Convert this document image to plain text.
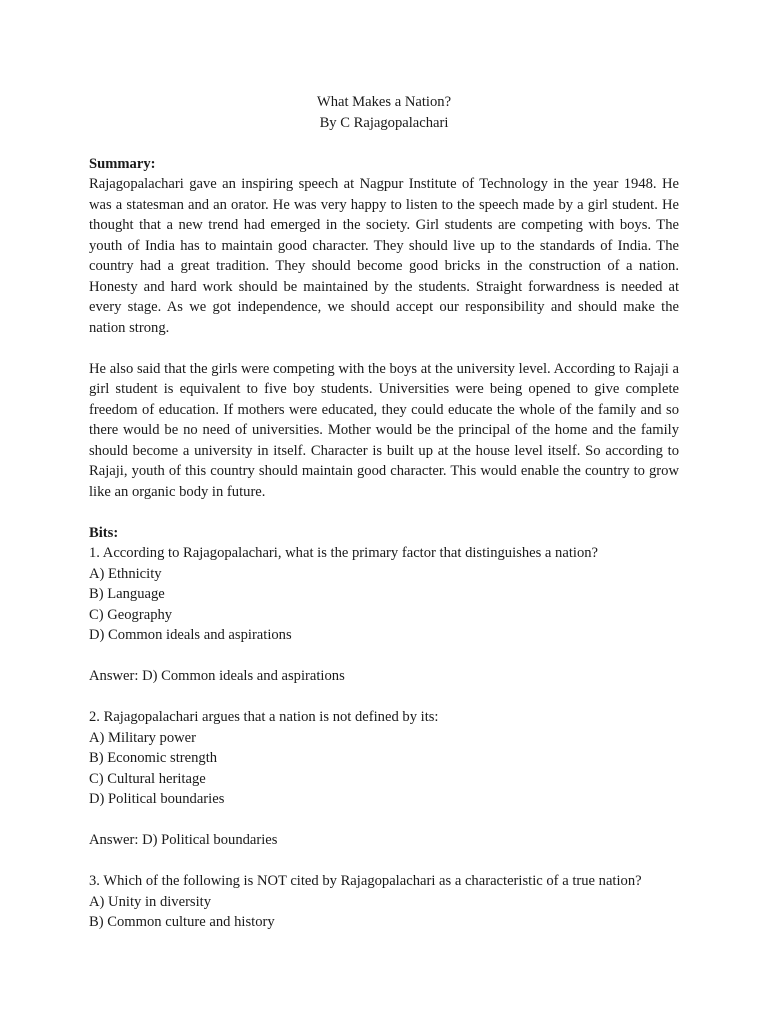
What Makes a Nation?
By C Rajagopalachari
Summary:

Rajagopalachari gave an inspiring speech at Nagpur Institute of Technology in the year 1948. He was a statesman and an orator. He was very happy to listen to the speech made by a girl student. He thought that a new trend had emerged in the society. Girl students are competing with boys. The youth of India has to maintain good character. They should live up to the standards of India. The country had a great tradition. They should become good bricks in the construction of a nation. Honesty and hard work should be maintained by the students. Straight forwardness is needed at every stage. As we got independence, we should accept our responsibility and should make the nation strong.

He also said that the girls were competing with the boys at the university level. According to Rajaji a girl student is equivalent to five boy students. Universities were being opened to give complete freedom of education. If mothers were educated, they could educate the whole of the family and so there would be no need of universities. Mother would be the principal of the home and the family should become a university in itself. Character is built up at the house level itself. So according to Rajaji, youth of this country should maintain good character. This would enable the country to grow like an organic body in future.

Bits:
1. According to Rajagopalachari, what is the primary factor that distinguishes a nation?
A) Ethnicity
B) Language
C) Geography
D) Common ideals and aspirations
Answer: D) Common ideals and aspirations
2. Rajagopalachari argues that a nation is not defined by its:
A) Military power
B) Economic strength
C) Cultural heritage
D) Political boundaries
Answer: D) Political boundaries
3. Which of the following is NOT cited by Rajagopalachari as a characteristic of a true nation?
A) Unity in diversity
B) Common culture and history
